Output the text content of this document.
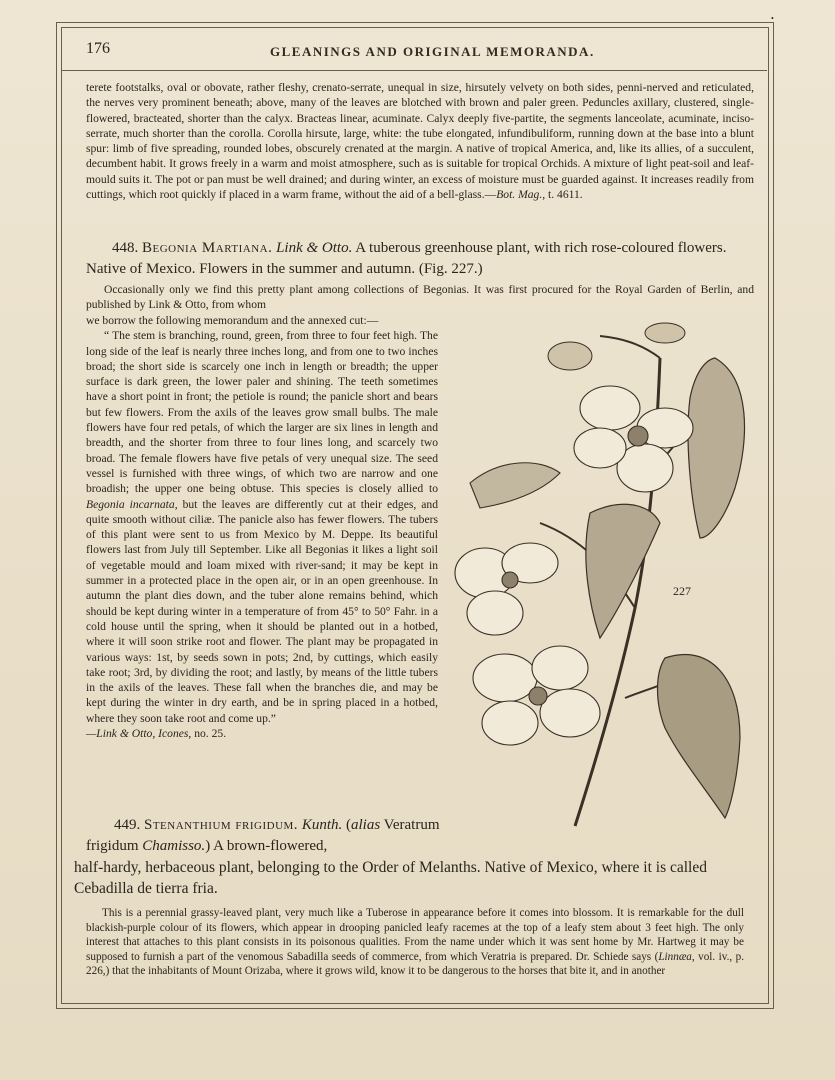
•
176	GLEANINGS AND ORIGINAL MEMORANDA.

terete footstalks, oval or obovate, rather fleshy, crenato-serrate, unequal in size, hirsutely velvety on both sides, penni-nerved and reticulated, the nerves very prominent beneath; above, many of the leaves are blotched with brown and paler green. Peduncles axillary, clustered, single-flowered, bracteated, shorter than the calyx. Bracteas linear, acuminate. Calyx deeply five-partite, the segments lanceolate, acuminate, inciso-serrate, much shorter than the corolla. Corolla hirsute, large, white: the tube elongated, infundibuliform, running down at the base into a blunt spur: limb of five spreading, rounded lobes, obscurely crenated at the margin. A native of tropical America, and, like its allies, of a succulent, decumbent habit. It grows freely in a warm and moist atmosphere, such as is suitable for tropical Orchids. A mixture of light peat-soil and leaf-mould suits it. The pot or pan must be well drained; and during winter, an excess of moisture must be guarded against. It increases readily from cuttings, which root quickly if placed in a warm frame, without the aid of a bell-glass.—Bot. Mag., t. 4611.

448. Begonia Martiana. Link & Otto. A tuberous greenhouse plant, with rich rose-coloured flowers. Native of Mexico. Flowers in the summer and autumn. (Fig. 227.)

Occasionally only we find this pretty plant among collections of Begonias. It was first procured for the Royal Garden of Berlin, and published by Link & Otto, from whom

we borrow the following memorandum and the annexed cut:—

“ The stem is branching, round, green, from three to four feet high. The long side of the leaf is nearly three inches long, and from one to two inches broad; the short side is scarcely one inch in length or breadth; the upper surface is dark green, the lower paler and shining. The teeth sometimes have a short point in front; the petiole is round; the panicle short and bears but few flowers. From the axils of the leaves grow small bulbs. The male flowers have four red petals, of which the larger are six lines in length and breadth, and the shorter from three to four lines long, and scarcely two broad. The female flowers have five petals of very unequal size. The seed vessel is furnished with three wings, of which two are narrow and one broadish; the upper one being obtuse. This species is closely allied to Begonia incarnata, but the leaves are differently cut at their edges, and quite smooth without ciliæ. The panicle also has fewer flowers. The tubers of this plant were sent to us from Mexico by M. Deppe. Its beautiful flowers last from July till September. Like all Begonias it likes a light soil of vegetable mould and loam mixed with river-sand; it may be kept in summer in a protected place in the open air, or in an open greenhouse. In autumn the plant dies down, and the tuber alone remains behind, which should be kept during winter in a temperature of from 45° to 50° Fahr. in a cold house until the spring, when it should be planted out in a hotbed, where it will soon strike root and flower. The plant may be propagated in various ways: 1st, by seeds sown in pots; 2nd, by cuttings, which easily take root; 3rd, by dividing the root; and lastly, by means of the little tubers in the axils of the leaves. These fall when the branches die, and may be kept during the winter in dry earth, and be in spring placed in a hotbed, where they soon take root and come up.”

—Link & Otto, Icones, no. 25.

227
449. Stenanthium frigidum. Kunth. (alias Veratrum frigidum Chamisso.) A brown-flowered,
half-hardy, herbaceous plant, belonging to the Order of Melanths. Native of Mexico, where it is called Cebadilla de tierra fria.
This is a perennial grassy-leaved plant, very much like a Tuberose in appearance before it comes into blossom. It is remarkable for the dull blackish-purple colour of its flowers, which appear in drooping panicled leafy racemes at the top of a leafy stem about 3 feet high. The only interest that attaches to this plant consists in its poisonous qualities. From the name under which it was sent home by Mr. Hartweg it may be supposed to furnish a part of the venomous Sabadilla seeds of commerce, from which Veratria is prepared. Dr. Schiede says (Linnæa, vol. iv., p. 226,) that the inhabitants of Mount Orizaba, where it grows wild, know it to be dangerous to the horses that bite it, and in another
